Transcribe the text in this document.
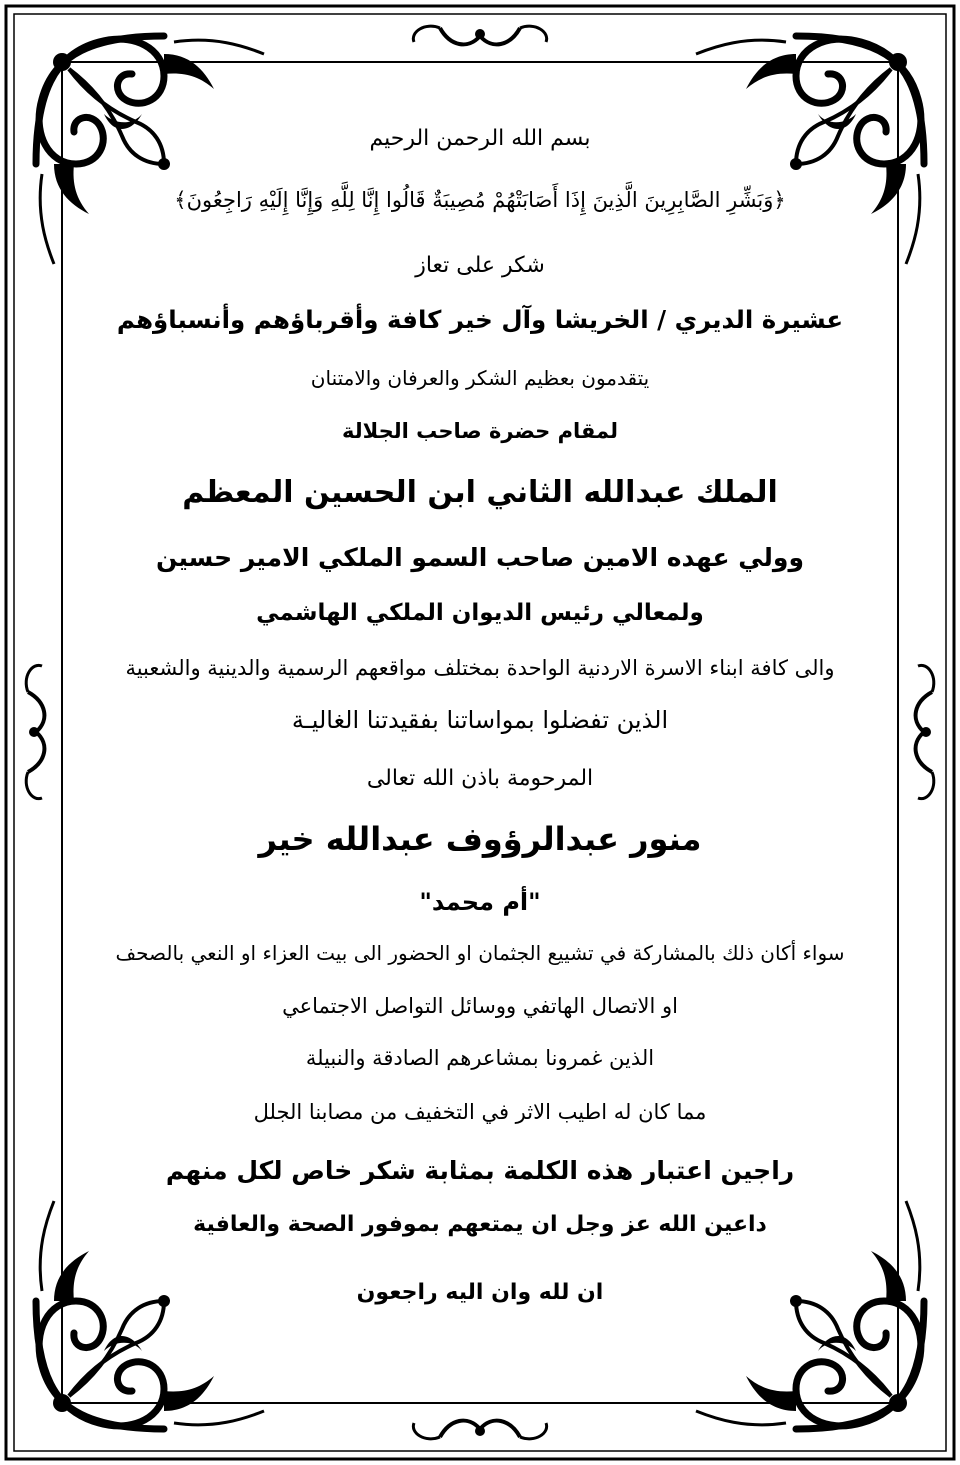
بسم الله الرحمن الرحيم
﴿وَبَشِّرِ الصَّابِرِينَ الَّذِينَ إِذَا أَصَابَتْهُمْ مُصِيبَةٌ قَالُوا إِنَّا لِلَّهِ وَإِنَّا إِلَيْهِ رَاجِعُونَ﴾
شكر على تعاز
عشيرة الديري / الخريشا وآل خير كافة وأقرباؤهم وأنسباؤهم
يتقدمون بعظيم الشكر والعرفان والامتنان
لمقام حضرة صاحب الجلالة
الملك عبدالله الثاني ابن الحسين المعظم
وولي عهده الامين صاحب السمو الملكي الامير حسين
ولمعالي رئيس الديوان الملكي الهاشمي
والى كافة ابناء الاسرة الاردنية الواحدة بمختلف مواقعهم الرسمية والدينية والشعبية
الذين تفضلوا بمواساتنا بفقيدتنا الغاليـة
المرحومة باذن الله تعالى
منور عبدالرؤوف عبدالله خير
"أم محمد"
سواء أكان ذلك بالمشاركة في تشييع الجثمان او الحضور الى بيت العزاء او النعي بالصحف
او الاتصال الهاتفي ووسائل التواصل الاجتماعي
الذين غمرونا بمشاعرهم الصادقة والنبيلة
مما كان له اطيب الاثر في التخفيف من مصابنا الجلل
راجين اعتبار هذه الكلمة بمثابة شكر خاص لكل منهم
داعين الله عز وجل ان يمتعهم بموفور الصحة والعافية
ان لله وان اليه راجعون
